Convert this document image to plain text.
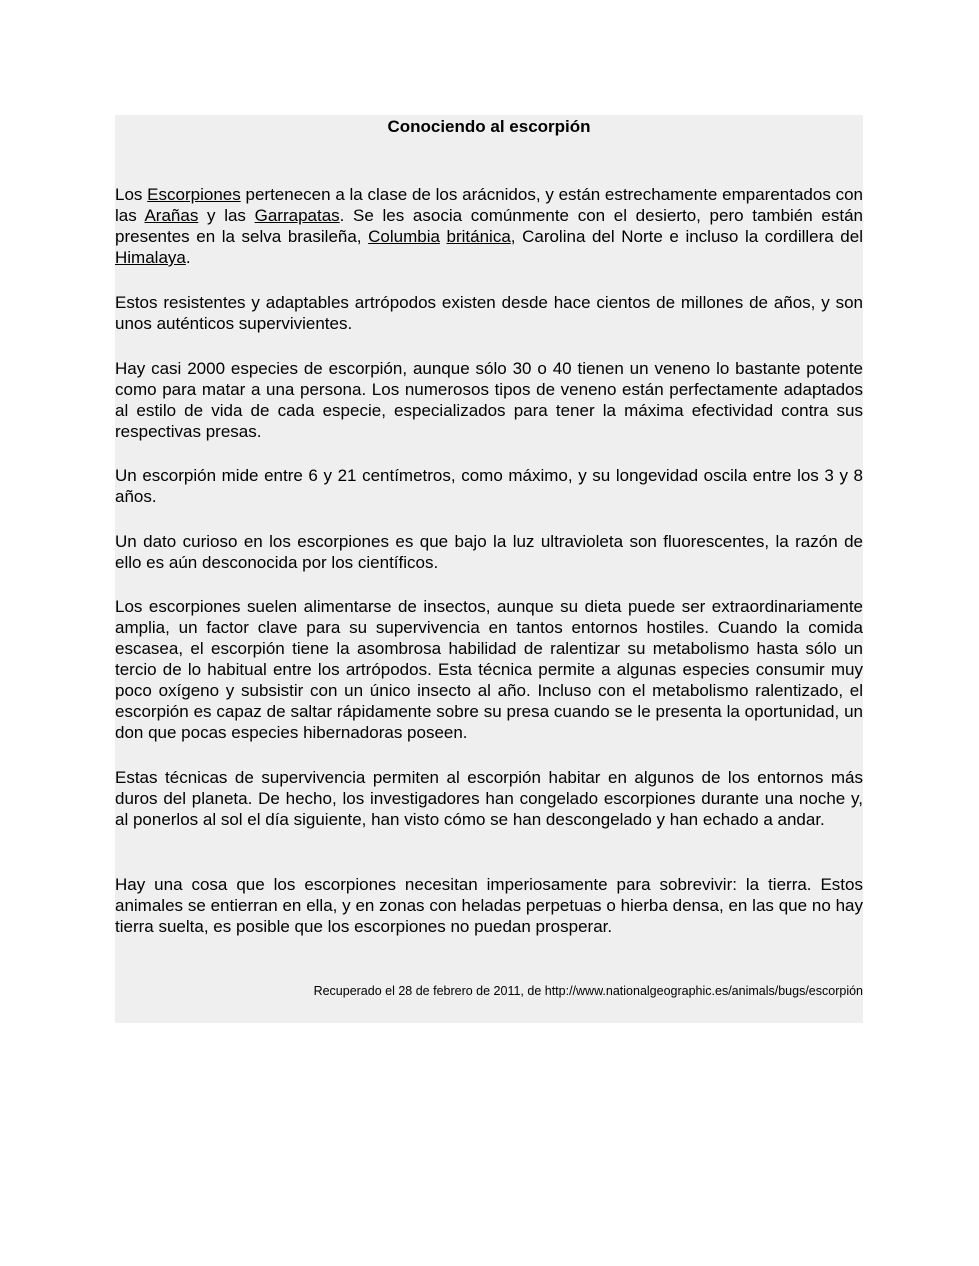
Conociendo al escorpión

Los Escorpiones pertenecen a la clase de los arácnidos, y están estrechamente emparentados con las Arañas y las Garrapatas. Se les asocia comúnmente con el desierto, pero también están presentes en la selva brasileña, Columbia británica, Carolina del Norte e incluso la cordillera del Himalaya.

Estos resistentes y adaptables artrópodos existen desde hace cientos de millones de años, y son unos auténticos supervivientes.

Hay casi 2000 especies de escorpión, aunque sólo 30 o 40 tienen un veneno lo bastante potente como para matar a una persona. Los numerosos tipos de veneno están perfectamente adaptados al estilo de vida de cada especie, especializados para tener la máxima efectividad contra sus respectivas presas.

Un escorpión mide entre 6 y 21 centímetros, como máximo, y su longevidad oscila entre los 3 y 8 años.

Un dato curioso en los escorpiones es que bajo la luz ultravioleta son fluorescentes, la razón de ello es aún desconocida por los científicos.

Los escorpiones suelen alimentarse de insectos, aunque su dieta puede ser extraordinariamente amplia, un factor clave para su supervivencia en tantos entornos hostiles. Cuando la comida escasea, el escorpión tiene la asombrosa habilidad de ralentizar su metabolismo hasta sólo un tercio de lo habitual entre los artrópodos. Esta técnica permite a algunas especies consumir muy poco oxígeno y subsistir con un único insecto al año. Incluso con el metabolismo ralentizado, el escorpión es capaz de saltar rápidamente sobre su presa cuando se le presenta la oportunidad, un don que pocas especies hibernadoras poseen.

Estas técnicas de supervivencia permiten al escorpión habitar en algunos de los entornos más duros del planeta. De hecho, los investigadores han congelado escorpiones durante una noche y, al ponerlos al sol el día siguiente, han visto cómo se han descongelado y han echado a andar.

Hay una cosa que los escorpiones necesitan imperiosamente para sobrevivir: la tierra. Estos animales se entierran en ella, y en zonas con heladas perpetuas o hierba densa, en las que no hay tierra suelta, es posible que los escorpiones no puedan prosperar.

Recuperado el 28 de febrero de 2011, de http://www.nationalgeographic.es/animals/bugs/escorpión
